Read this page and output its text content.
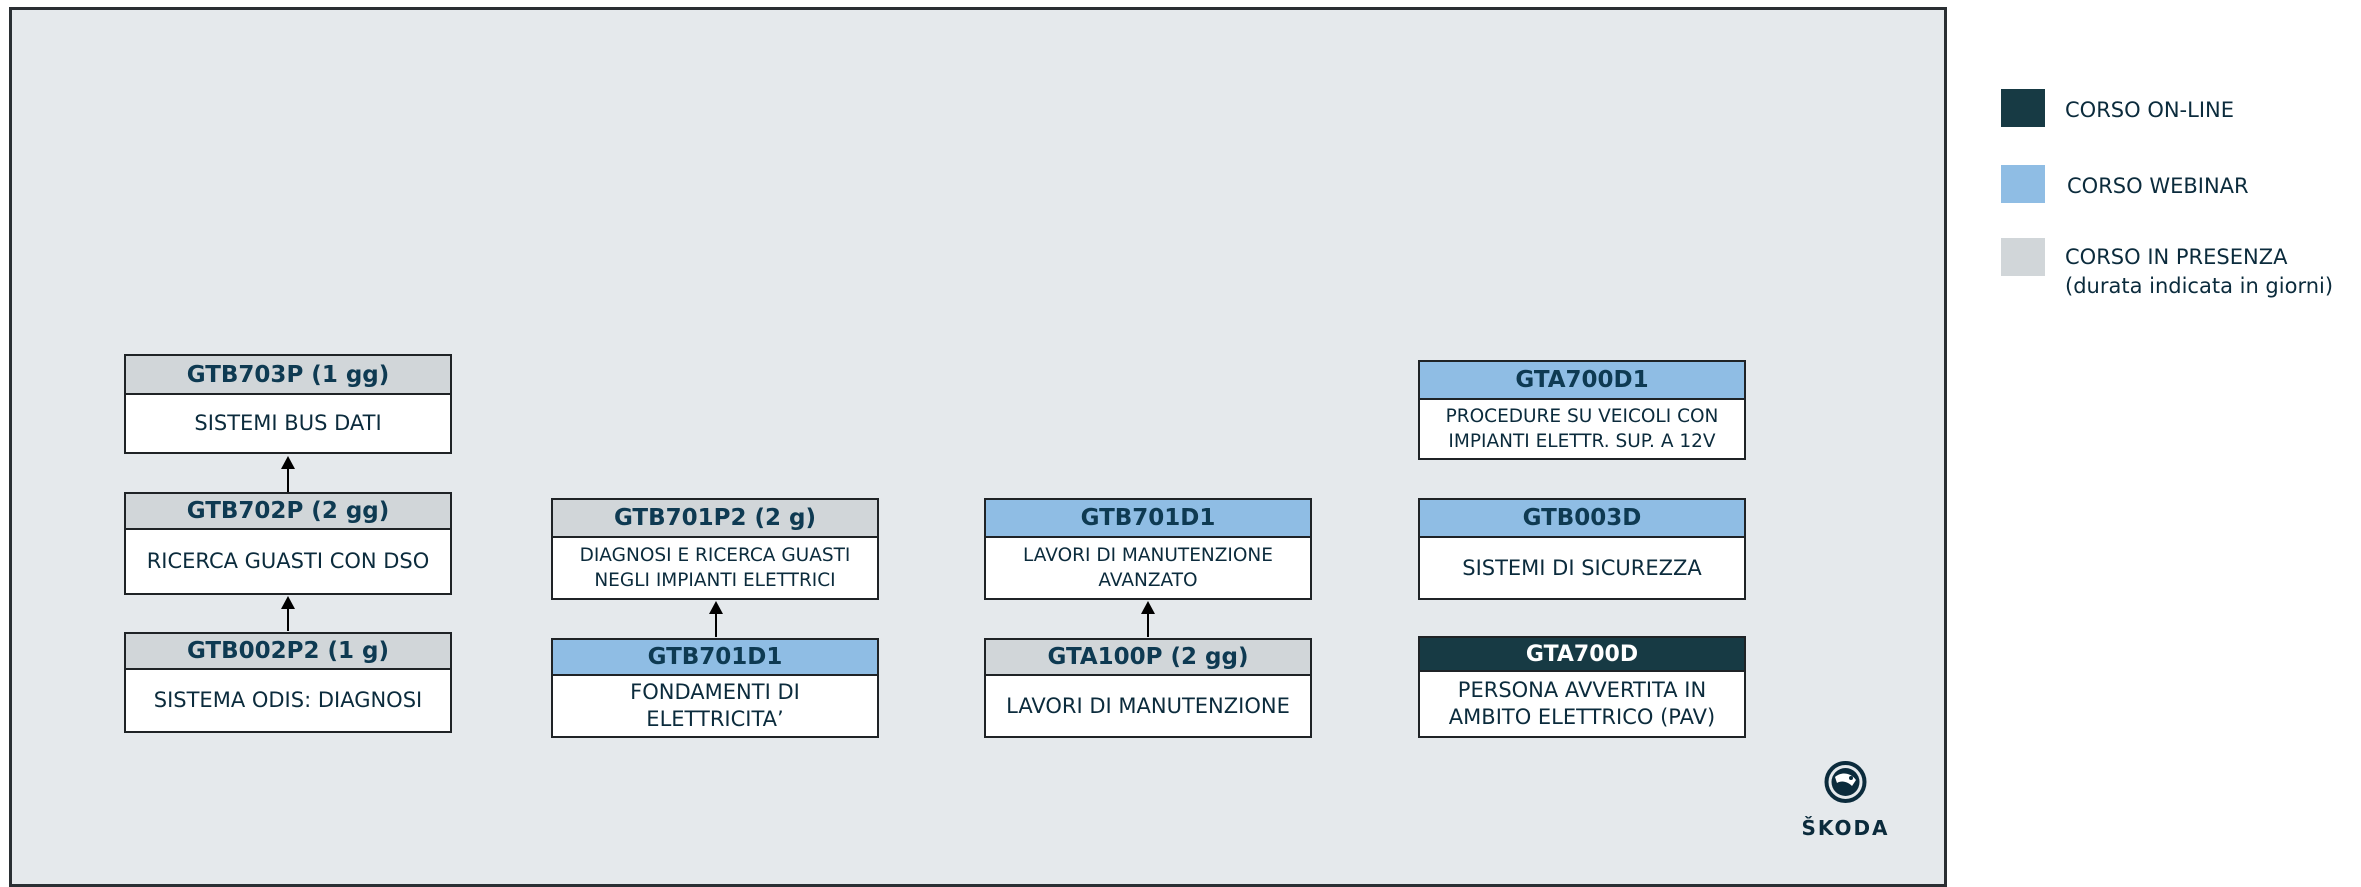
GTB703P (1 gg)
SISTEMI BUS DATI
GTB702P (2 gg)
RICERCA GUASTI CON DSO
GTB002P2 (1 g)
SISTEMA ODIS: DIAGNOSI
GTB701P2 (2 g)
DIAGNOSI E RICERCA GUASTI NEGLI IMPIANTI ELETTRICI
GTB701D1
FONDAMENTI DI ELETTRICITA’
GTB701D1
LAVORI DI MANUTENZIONE AVANZATO
GTA100P (2 gg)
LAVORI DI MANUTENZIONE
GTA700D1
PROCEDURE SU VEICOLI CON IMPIANTI ELETTR. SUP. A 12V
GTB003D
SISTEMI DI SICUREZZA
GTA700D
PERSONA AVVERTITA IN AMBITO ELETTRICO (PAV)
ŠKODA
CORSO ON-LINE
CORSO WEBINAR
CORSO IN PRESENZA
(durata indicata in giorni)
